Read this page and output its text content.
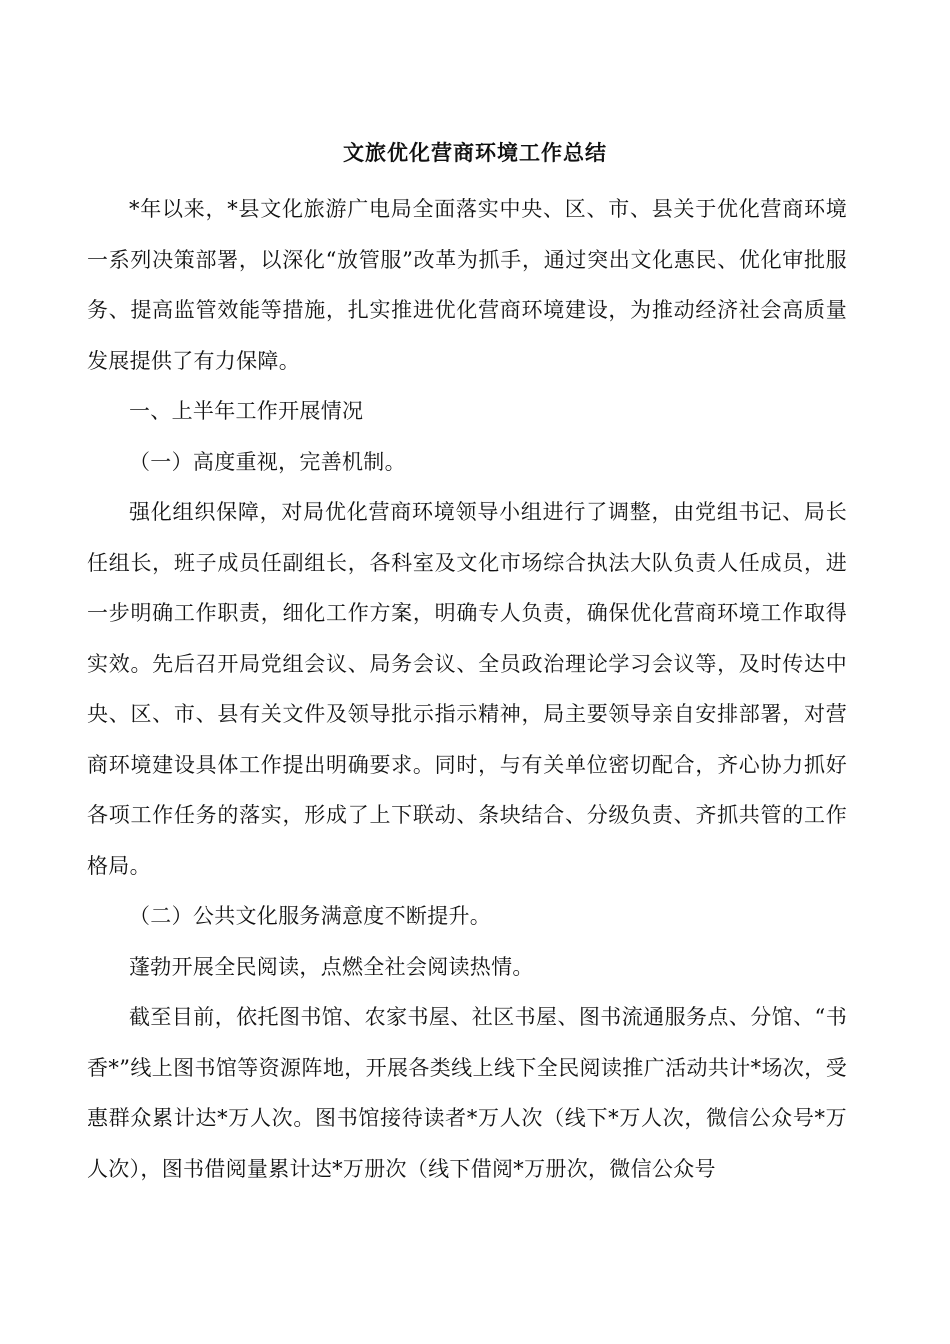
文旅优化营商环境工作总结

*年以来，*县文化旅游广电局全面落实中央、区、市、县关于优化营商环境一系列决策部署，以深化“放管服”改革为抓手，通过突出文化惠民、优化审批服务、提高监管效能等措施，扎实推进优化营商环境建设，为推动经济社会高质量发展提供了有力保障。

一、上半年工作开展情况

（一）高度重视，完善机制。

强化组织保障，对局优化营商环境领导小组进行了调整，由党组书记、局长任组长，班子成员任副组长，各科室及文化市场综合执法大队负责人任成员，进一步明确工作职责，细化工作方案，明确专人负责，确保优化营商环境工作取得实效。先后召开局党组会议、局务会议、全员政治理论学习会议等，及时传达中央、区、市、县有关文件及领导批示指示精神，局主要领导亲自安排部署，对营商环境建设具体工作提出明确要求。同时，与有关单位密切配合，齐心协力抓好各项工作任务的落实，形成了上下联动、条块结合、分级负责、齐抓共管的工作格局。

（二）公共文化服务满意度不断提升。

蓬勃开展全民阅读，点燃全社会阅读热情。

截至目前，依托图书馆、农家书屋、社区书屋、图书流通服务点、分馆、“书香*”线上图书馆等资源阵地，开展各类线上线下全民阅读推广活动共计*场次，受惠群众累计达*万人次。图书馆接待读者*万人次（线下*万人次，微信公众号*万人次），图书借阅量累计达*万册次（线下借阅*万册次，微信公众号
